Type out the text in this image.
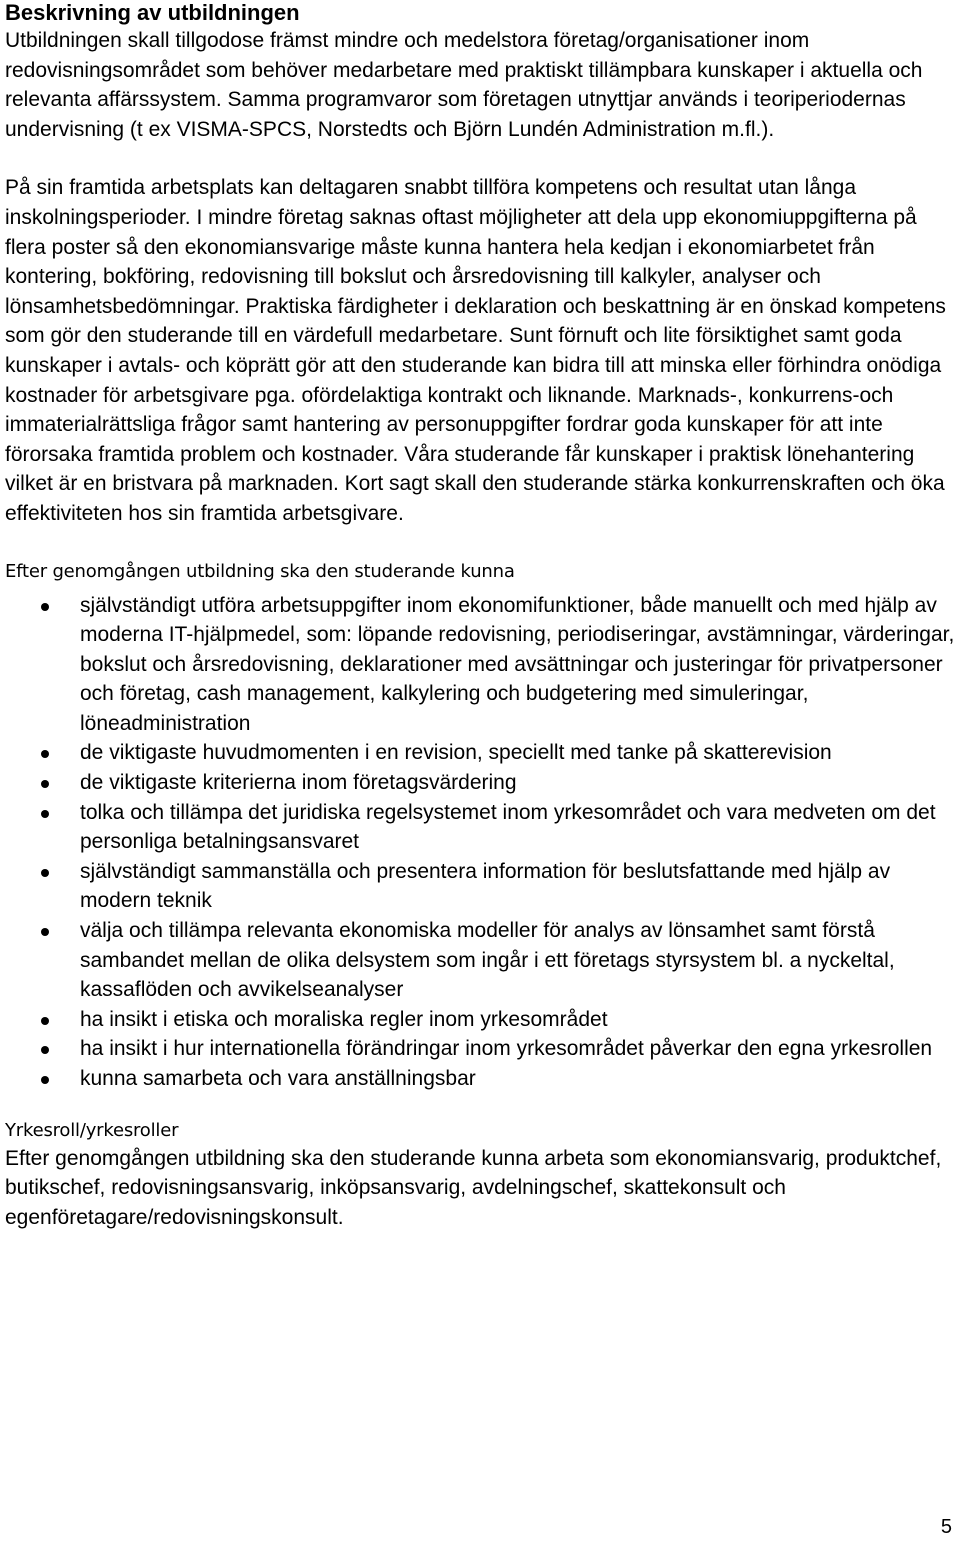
Beskrivning av utbildningen

Utbildningen skall tillgodose främst mindre och medelstora företag/organisationer inom redovisningsområdet som behöver medarbetare med praktiskt tillämpbara kunskaper i aktuella och relevanta affärssystem. Samma programvaror som företagen utnyttjar används i teoriperiodernas undervisning (t ex VISMA-SPCS, Norstedts och Björn Lundén Administration m.fl.).

På sin framtida arbetsplats kan deltagaren snabbt tillföra kompetens och resultat utan långa inskolningsperioder. I mindre företag saknas oftast möjligheter att dela upp ekonomiuppgifterna på flera poster så den ekonomiansvarige måste kunna hantera hela kedjan i ekonomiarbetet från kontering, bokföring, redovisning till bokslut och årsredovisning till kalkyler, analyser och lönsamhetsbedömningar. Praktiska färdigheter i deklaration och beskattning är en önskad kompetens som gör den studerande till en värdefull medarbetare. Sunt förnuft och lite försiktighet samt goda kunskaper i avtals- och köprätt gör att den studerande kan bidra till att minska eller förhindra onödiga kostnader för arbetsgivare pga. ofördelaktiga kontrakt och liknande. Marknads-, konkurrens-och immaterialrättsliga frågor samt hantering av personuppgifter fordrar goda kunskaper för att inte förorsaka framtida problem och kostnader. Våra studerande får kunskaper i praktisk lönehantering vilket är en bristvara på marknaden. Kort sagt skall den studerande stärka konkurrenskraften och öka effektiviteten hos sin framtida arbetsgivare.

Efter genomgången utbildning ska den studerande kunna
självständigt utföra arbetsuppgifter inom ekonomifunktioner, både manuellt och med hjälp av moderna IT-hjälpmedel, som: löpande redovisning, periodiseringar, avstämningar, värderingar, bokslut och årsredovisning, deklarationer med avsättningar och justeringar för privatpersoner och företag, cash management, kalkylering och budgetering med simuleringar, löneadministration
de viktigaste huvudmomenten i en revision, speciellt med tanke på skatterevision
de viktigaste kriterierna inom företagsvärdering
tolka och tillämpa det juridiska regelsystemet inom yrkesområdet och vara medveten om det personliga betalningsansvaret
självständigt sammanställa och presentera information för beslutsfattande med hjälp av modern teknik
välja och tillämpa relevanta ekonomiska modeller för analys av lönsamhet samt förstå sambandet mellan de olika delsystem som ingår i ett företags styrsystem bl. a nyckeltal, kassaflöden och avvikelseanalyser
ha insikt i etiska och moraliska regler inom yrkesområdet
ha insikt i hur internationella förändringar inom yrkesområdet påverkar den egna yrkesrollen
kunna samarbeta och vara anställningsbar
Yrkesroll/yrkesroller

Efter genomgången utbildning ska den studerande kunna arbeta som ekonomiansvarig, produktchef, butikschef, redovisningsansvarig, inköpsansvarig, avdelningschef, skattekonsult och egenföretagare/redovisningskonsult.

5
